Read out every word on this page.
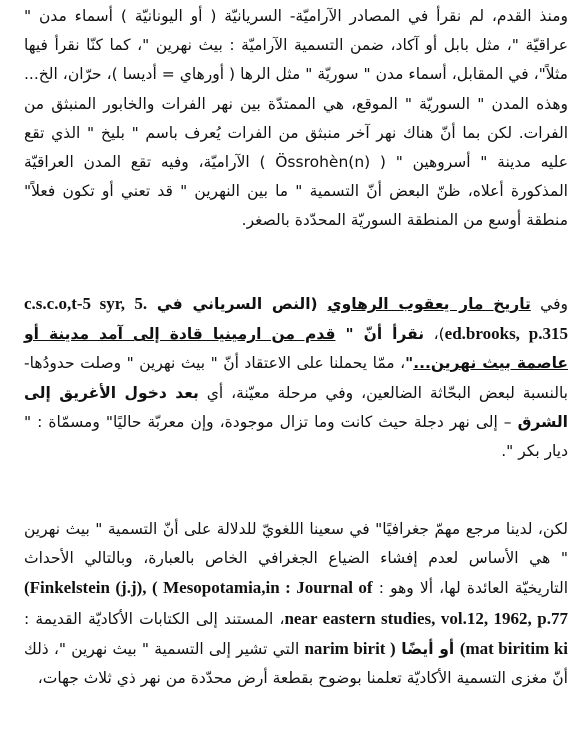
ومنذ القدم، لم نقرأ في المصادر الآراميّة- السريانيّة ( أو اليونانيّة ) أسماء مدن " عراقيّة "، مثل بابل أو آكاد، ضمن التسمية الآراميّة : بيث نهرين "، كما كنّا نقرأ فيها مثلاً"، في المقابل، أسماء مدن " سوريّة " مثل الرها ( أورهاي = أديسا )، حرّان، الخ... وهذه المدن " السوريّة " الموقع، هي الممتدّة بين نهر الفرات والخابور المنبثق من الفرات. لكن بما أنّ هناك نهر آخر منبثق من الفرات يُعرف باسم " بليخ " الذي تقع عليه مدينة " أسروهين " ( Össrohèn(n) ) الآراميّة، وفيه تقع المدن العراقيّة المذكورة أعلاه، ظنّ البعض أنّ التسمية " ما بين النهرين " قد تعني أو تكون فعلاً" منطقة أوسع من المنطقة السوريّة المحدّدة بالصغر.

وفي تاريخ مار يعقوب الرهاوي (النص السرياني في c.s.c.o,t-5 syr, 5. ed.brooks, p.315)، نقرأ أنّ " قدم من ارمينيا قادة إلى آمد مدينة أو عاصمة بيث نهرين..."، ممّا يحملنا على الاعتقاد أنّ " بيث نهرين " وصلت حدودُها- بالنسبة لبعض البحّاثة الضالعين، وفي مرحلة معيّنة، أي بعد دخول الأغريق إلى الشرق – إلى نهر دجلة حيث كانت وما تزال موجودة، وإن معربّة حاليًا" ومسمّاة : " ديار بكر ".

لكن، لدينا مرجع مهمّ جغرافيًا" في سعينا اللغويّ للدلالة على أنّ التسمية " بيث نهرين " هي الأساس لعدم إفشاء الضياع الجغرافي الخاص بالعبارة، وبالتالي الأحداث التاريخيّة العائدة لها، ألا وهو : (Finkelstein (j.j), ( Mesopotamia,in : Journal of near eastern studies, vol.12, 1962, p.77، المستند إلى الكتابات الأكاديّة القديمة : (mat biritim ki أو أيضًا narim birit ) التي تشير إلى التسمية " بيث نهرين "، ذلك أنّ مغزى التسمية الأكاديّة تعلمنا بوضوح بقطعة أرض محدّدة من نهر ذي ثلاث جهات،
